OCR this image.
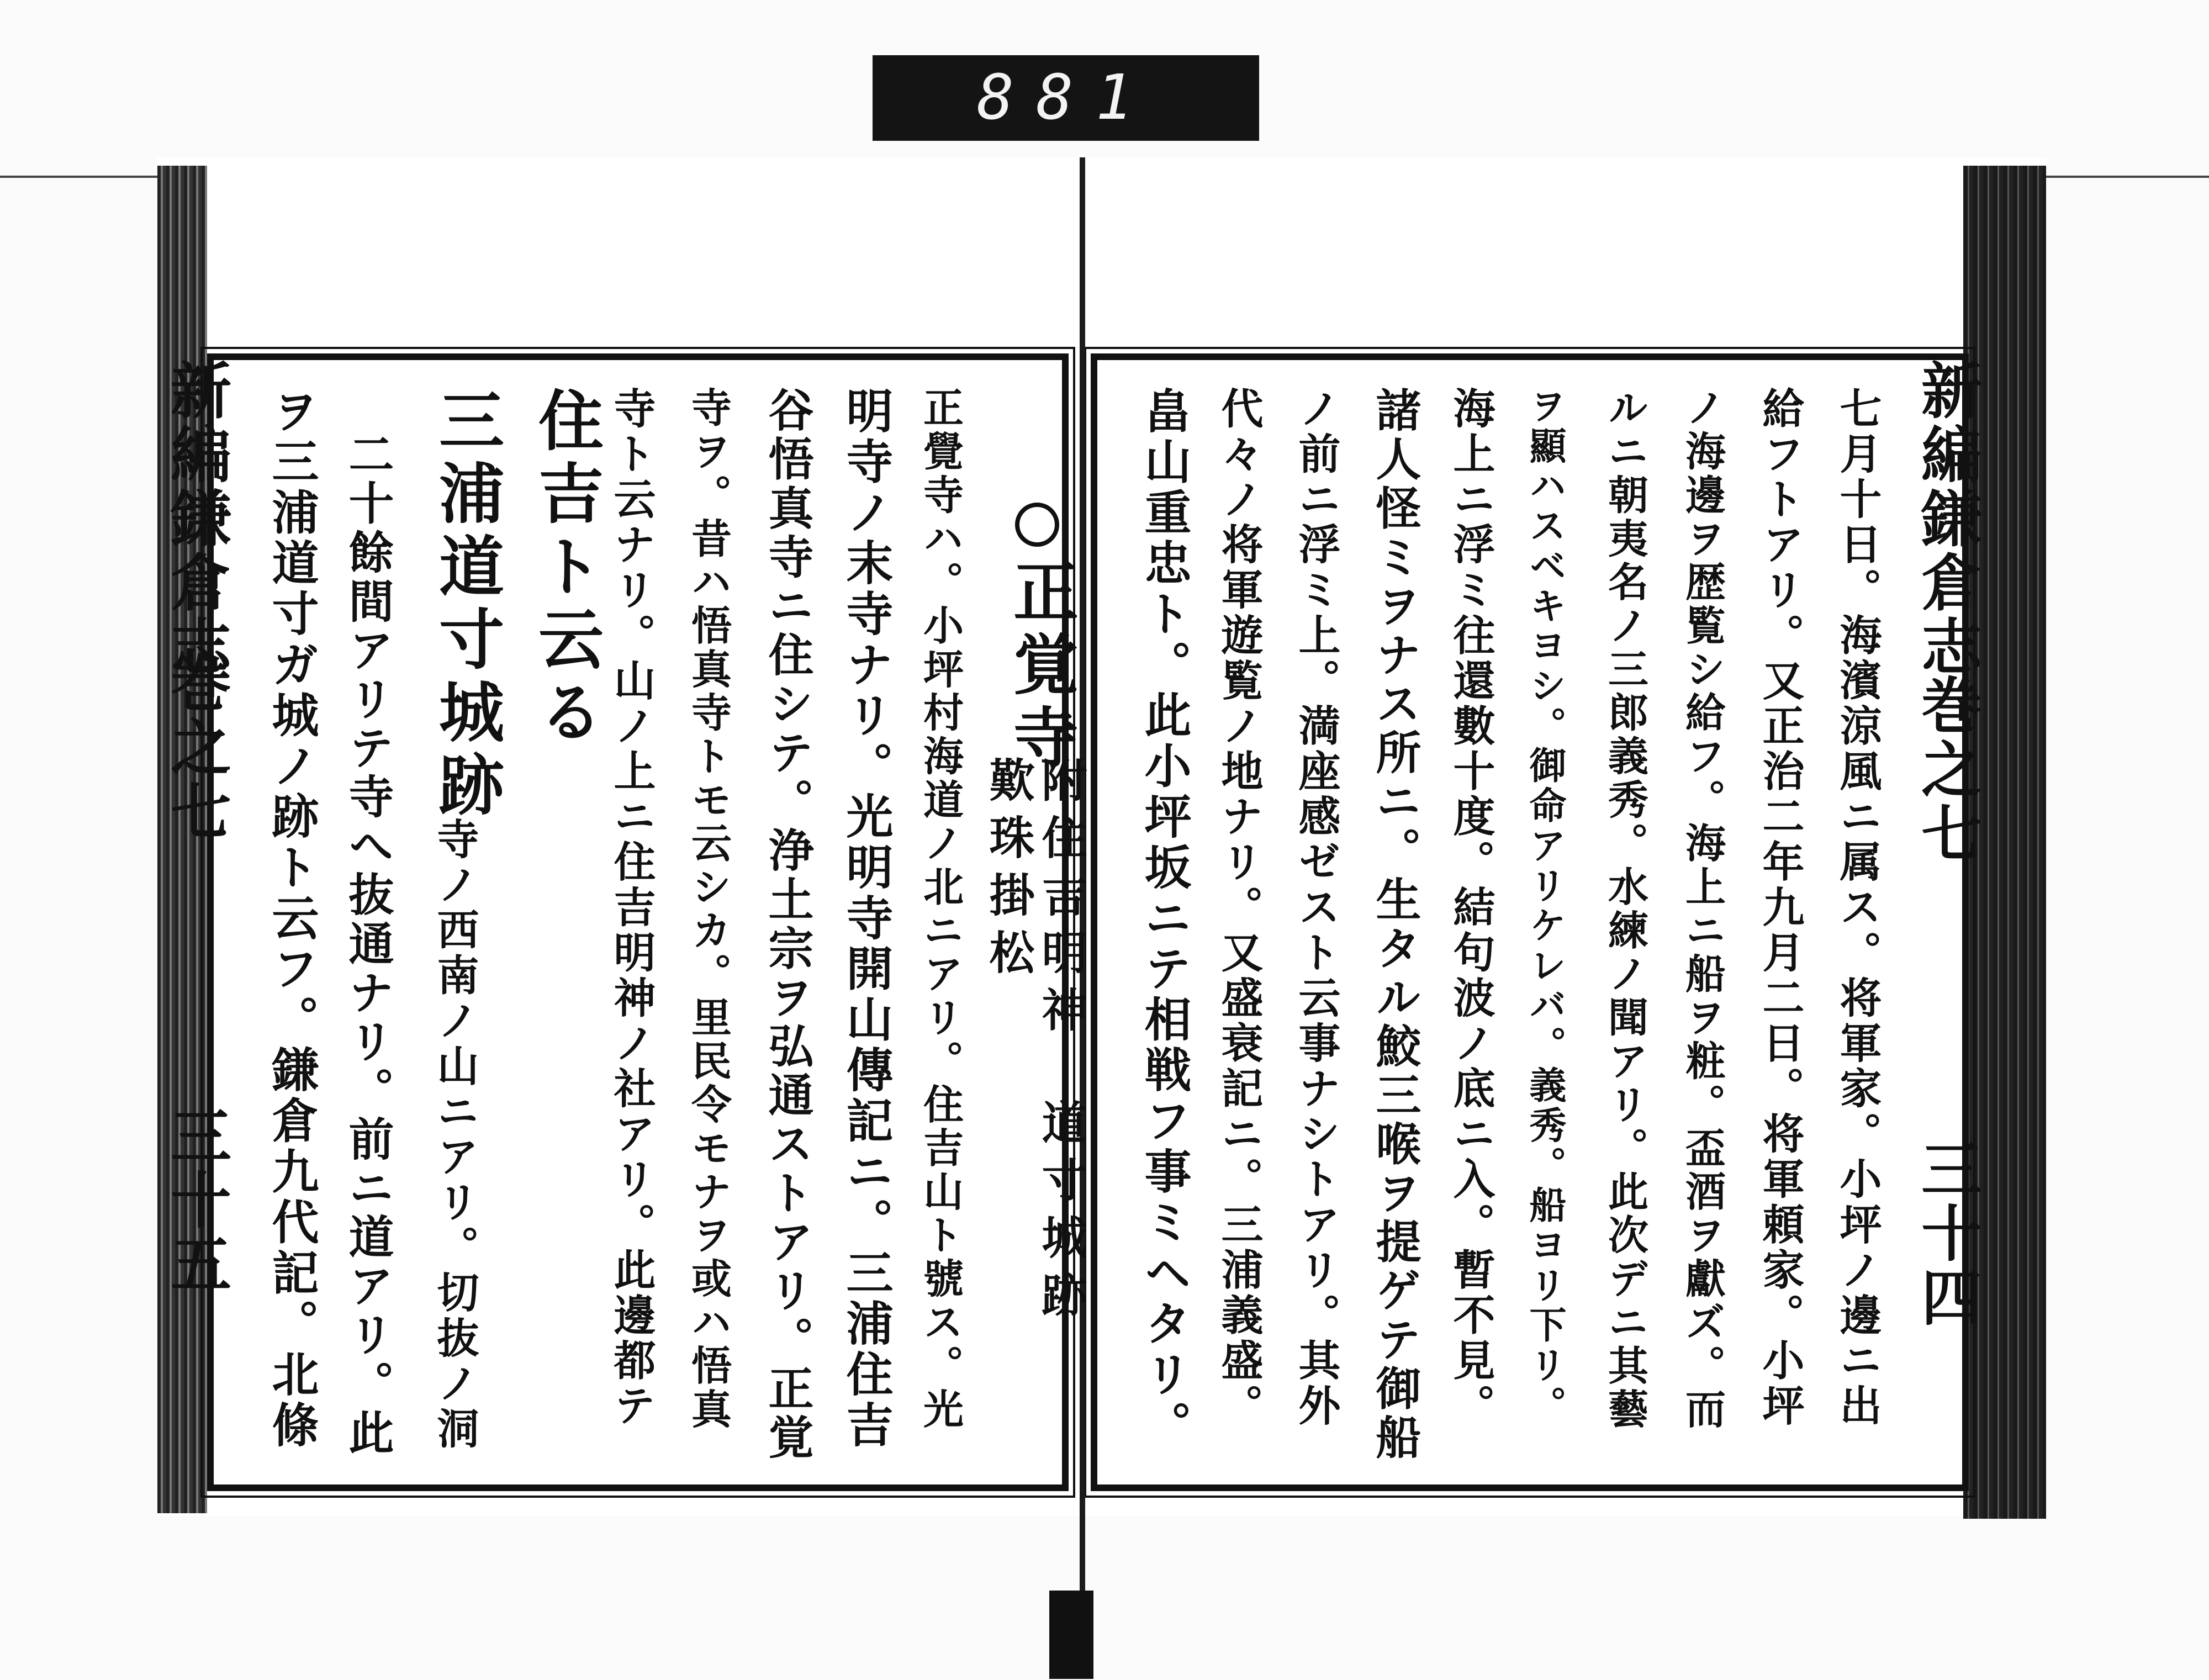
881
新編鎌倉志
巻之七
三十五
新編鎌倉志
巻之七
三十四
七月十日。海濱涼風ニ属ス。将軍家。小坪ノ邊ニ出
給フトアリ。又正治二年九月二日。将軍頼家。小坪
ノ海邊ヲ歴覧シ給フ。海上ニ船ヲ粧。盃酒ヲ獻ズ。而
ルニ朝夷名ノ三郎義秀。水練ノ聞アリ。此次デニ其藝
ヲ顯ハスベキヨシ。御命アリケレバ。義秀。船ヨリ下リ。
海上ニ浮ミ往還數十度。結句波ノ底ニ入。暫不見。
諸人怪ミヲナス所ニ。生タル鮫三喉ヲ提ゲテ御船
ノ前ニ浮ミ上。満座感ゼスト云事ナシトアリ。其外
代々ノ将軍遊覧ノ地ナリ。又盛衰記ニ。三浦義盛。
畠山重忠ト。此小坪坂ニテ相戦フ事ミヘタリ。
正覚寺
附住吉明神
歎珠掛松
道寸城跡
正覺寺ハ。小坪村海道ノ北ニアリ。住吉山ト號ス。光
明寺ノ末寺ナリ。光明寺開山傳記ニ。三浦住吉
谷悟真寺ニ住シテ。浄土宗ヲ弘通ストアリ。正覚
寺ヲ。昔ハ悟真寺トモ云シカ。里民令モナヲ或ハ悟真
寺ト云ナリ。山ノ上ニ住吉明神ノ社アリ。此邊都テ
住吉ト云る
三浦道寸城跡
寺ノ西南ノ山ニアリ。切抜ノ洞
二十餘間アリテ寺へ抜通ナリ。前ニ道アリ。此
ヲ三浦道寸ガ城ノ跡ト云フ。鎌倉九代記。北條
